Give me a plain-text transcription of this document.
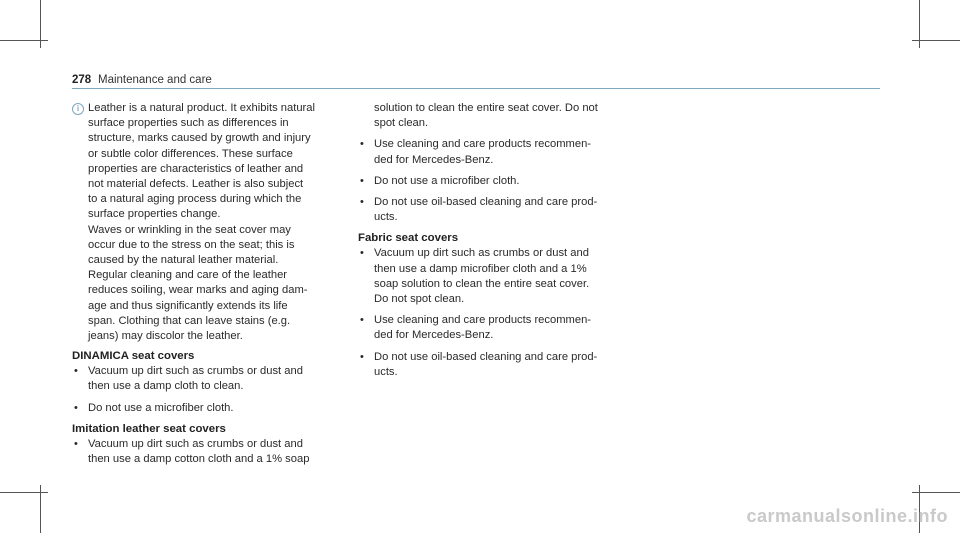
278 Maintenance and care
i Leather is a natural product. It exhibits natural
surface properties such as differences in
structure, marks caused by growth and injury
or subtle color differences. These surface
properties are characteristics of leather and
not material defects. Leather is also subject
to a natural aging process during which the
surface properties change.
Waves or wrinkling in the seat cover may
occur due to the stress on the seat; this is
caused by the natural leather material.
Regular cleaning and care of the leather
reduces soiling, wear marks and aging dam-
age and thus significantly extends its life
span. Clothing that can leave stains (e.g.
jeans) may discolor the leather.

DINAMICA seat covers
• Vacuum up dirt such as crumbs or dust and
then use a damp cloth to clean.
• Do not use a microfiber cloth.
Imitation leather seat covers
• Vacuum up dirt such as crumbs or dust and
then use a damp cotton cloth and a 1% soap

solution to clean the entire seat cover. Do not
spot clean.

• Use cleaning and care products recommen-
ded for Mercedes-Benz.
• Do not use a microfiber cloth.
• Do not use oil-based cleaning and care prod-
ucts.
Fabric seat covers
• Vacuum up dirt such as crumbs or dust and
then use a damp microfiber cloth and a 1%
soap solution to clean the entire seat cover.
Do not spot clean.
• Use cleaning and care products recommen-
ded for Mercedes-Benz.
• Do not use oil-based cleaning and care prod-
ucts.
carmanualsonline.info
